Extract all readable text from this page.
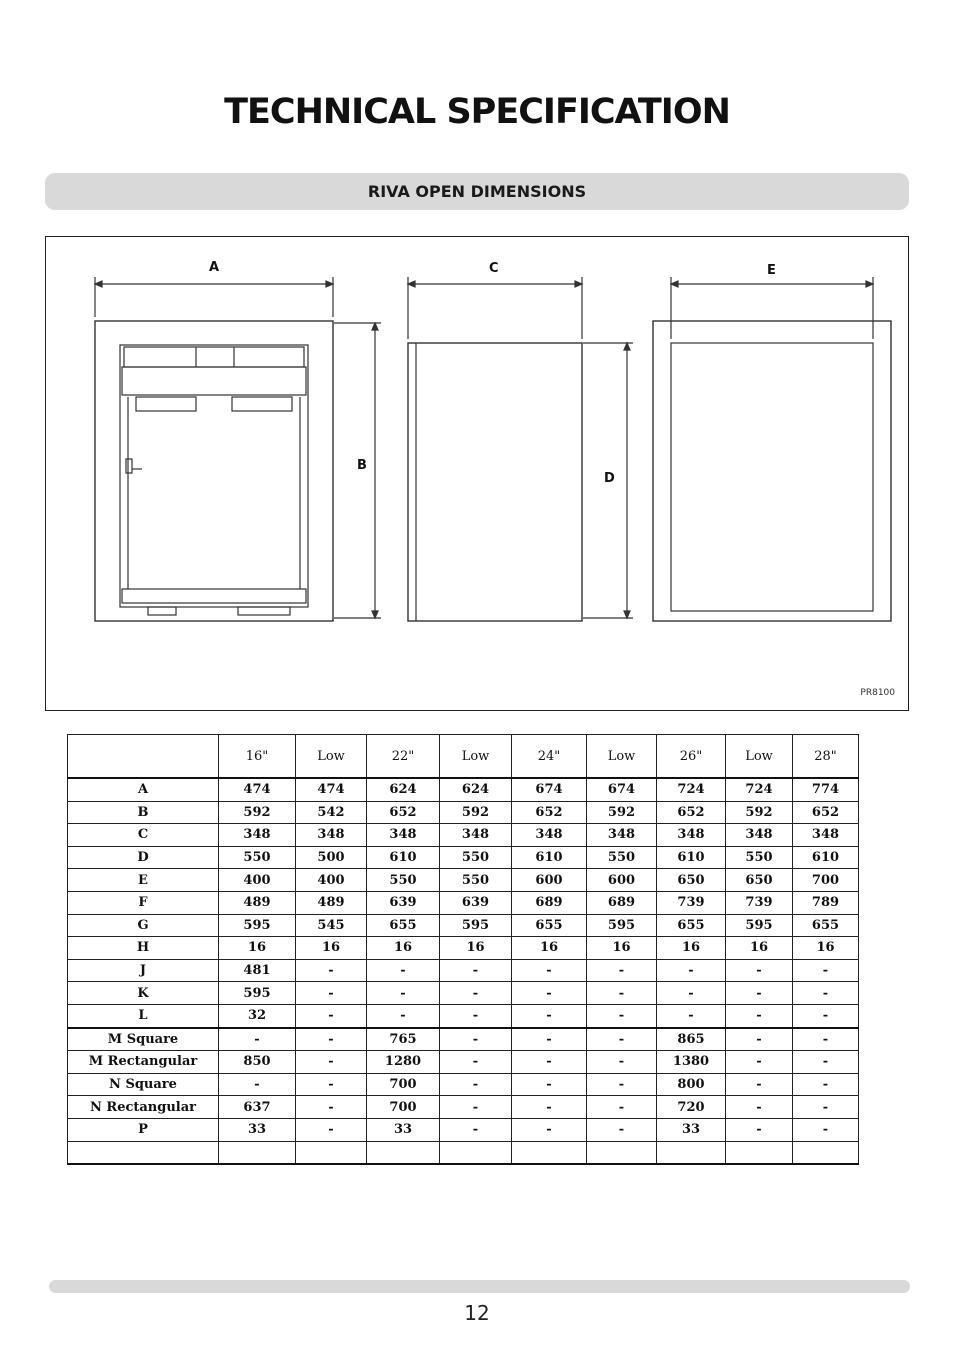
TECHNICAL SPECIFICATION
RIVA OPEN DIMENSIONS
A	C	E
B
D
PR8100
	16"	Low	22"	Low	24"	Low	26"	Low	28"
A	474	474	624	624	674	674	724	724	774
B	592	542	652	592	652	592	652	592	652
C	348	348	348	348	348	348	348	348	348
D	550	500	610	550	610	550	610	550	610
E	400	400	550	550	600	600	650	650	700
F	489	489	639	639	689	689	739	739	789
G	595	545	655	595	655	595	655	595	655
H	16	16	16	16	16	16	16	16	16
J	481	-	-	-	-	-	-	-	-
K	595	-	-	-	-	-	-	-	-
L	32	-	-	-	-	-	-	-	-
M Square	-	-	765	-	-	-	865	-	-
M Rectangular	850	-	1280	-	-	-	1380	-	-
N Square	-	-	700	-	-	-	800	-	-
N Rectangular	637	-	700	-	-	-	720	-	-
P	33	-	33	-	-	-	33	-	-

12
